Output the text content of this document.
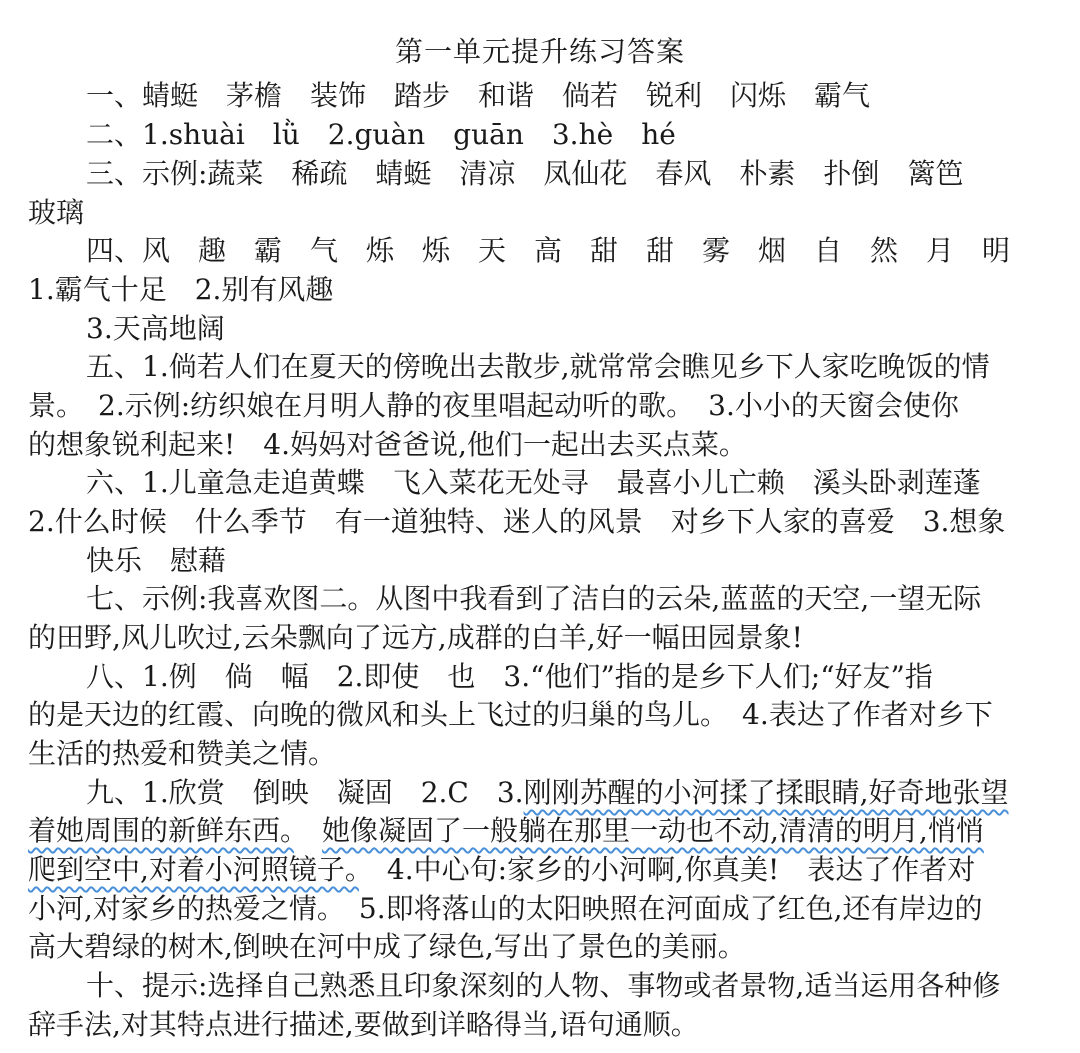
第一单元提升练习答案
一、蜻蜓　茅檐　装饰　踏步　和谐　倘若　锐利　闪烁　霸气
二、1.shuài　lǜ　2.guàn　guān　3.hè　hé
三、示例:蔬菜　稀疏　蜻蜓　清凉　凤仙花　春风　朴素　扑倒　篱笆
玻璃
四、风　趣　霸　气　烁　烁　天　高　甜　甜　雾　烟　自　然　月　明
1.霸气十足　2.别有风趣
3.天高地阔
五、1.倘若人们在夏天的傍晚出去散步,就常常会瞧见乡下人家吃晚饭的情
景。　2.示例:纺织娘在月明人静的夜里唱起动听的歌。　3.小小的天窗会使你
的想象锐利起来!　4.妈妈对爸爸说,他们一起出去买点菜。
六、1.儿童急走追黄蝶　飞入菜花无处寻　最喜小儿亡赖　溪头卧剥莲蓬
2.什么时候　什么季节　有一道独特、迷人的风景　对乡下人家的喜爱　3.想象
快乐　慰藉
七、示例:我喜欢图二。从图中我看到了洁白的云朵,蓝蓝的天空,一望无际
的田野,风儿吹过,云朵飘向了远方,成群的白羊,好一幅田园景象!
八、1.例　倘　幅　2.即使　也　3.“他们”指的是乡下人们;“好友”指
的是天边的红霞、向晚的微风和头上飞过的归巢的鸟儿。　4.表达了作者对乡下
生活的热爱和赞美之情。
九、1.欣赏　倒映　凝固　2.C　3.刚刚苏醒的小河揉了揉眼睛,好奇地张望
着她周围的新鲜东西。　 她像凝固了一般躺在那里一动也不动,清清的明月,悄悄
爬到空中,对着小河照镜子。　4.中心句:家乡的小河啊,你真美!　表达了作者对
小河,对家乡的热爱之情。　5.即将落山的太阳映照在河面成了红色,还有岸边的
高大碧绿的树木,倒映在河中成了绿色,写出了景色的美丽。
十、提示:选择自己熟悉且印象深刻的人物、事物或者景物,适当运用各种修
辞手法,对其特点进行描述,要做到详略得当,语句通顺。
